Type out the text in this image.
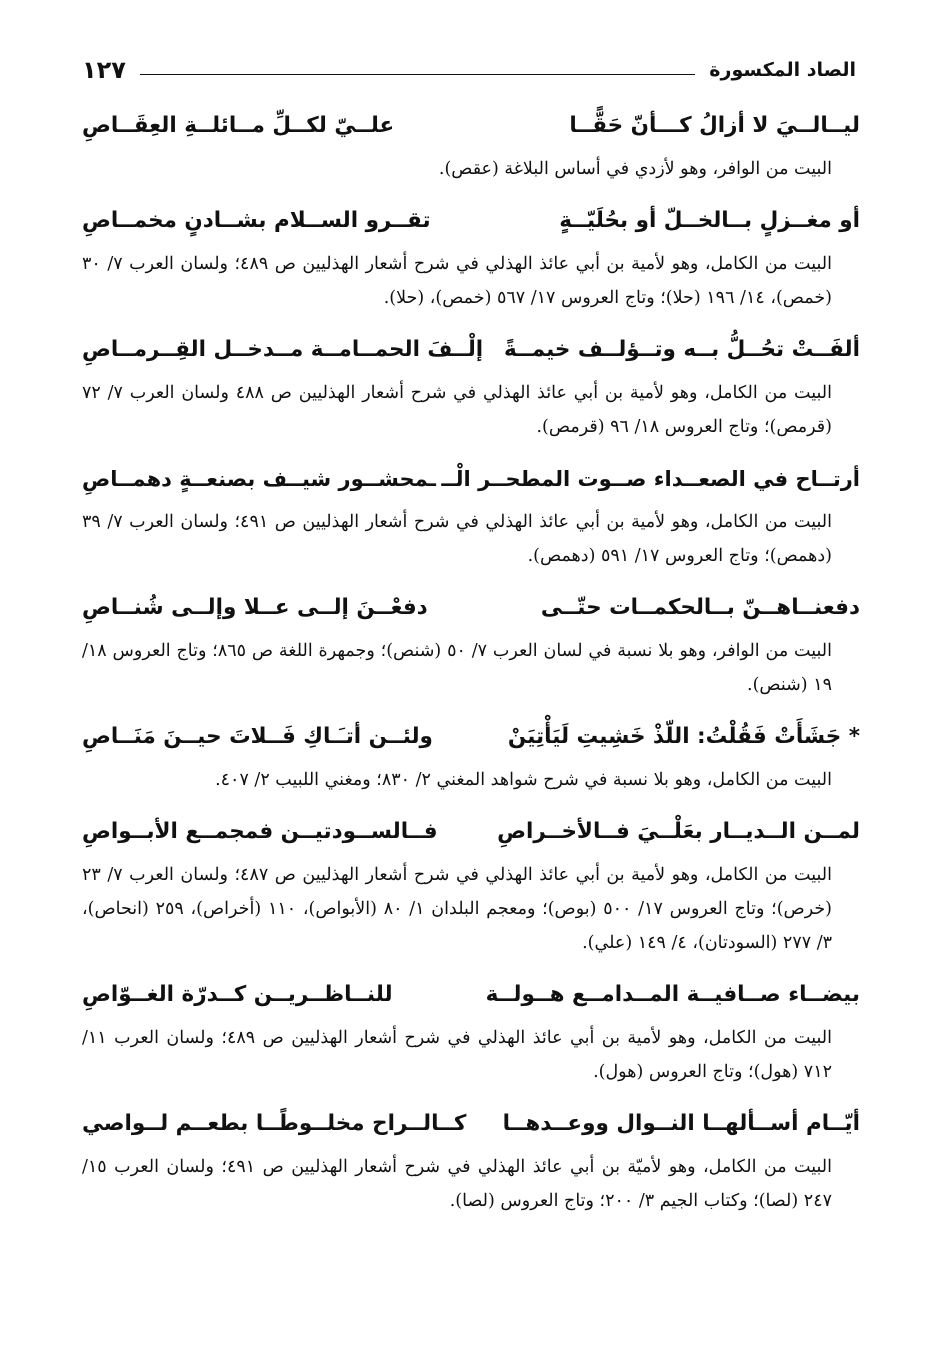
الصاد المكسورة
١٢٧
ليــالــيَ لا أزالُ كـــأنّ حَقًّــا
علــيّ لكــلِّ مــائلــةِ العِقَــاصِ
البيت من الوافر، وهو لأزدي في أساس البلاغة (عقص).
أو مغــزلٍ بــالخــلّ أو بحُلَيّــةٍ
تقــرو الســلام بشــادنٍ مخمــاصِ
البيت من الكامل، وهو لأمية بن أبي عائذ الهذلي في شرح أشعار الهذليين ص ٤٨٩؛ ولسان العرب ٧/ ٣٠ (خمص)، ١٤/ ١٩٦ (حلا)؛ وتاج العروس ١٧/ ٥٦٧ (خمص)، (حلا).
ألفَــتْ تحُــلُّ بــه وتــؤلــف خيمــةً
إلْــفَ الحمــامــة مــدخــل القِــرمــاصِ
البيت من الكامل، وهو لأمية بن أبي عائذ الهذلي في شرح أشعار الهذليين ص ٤٨٨ ولسان العرب ٧/ ٧٢ (قرمص)؛ وتاج العروس ١٨/ ٩٦ (قرمص).
أرتــاح في الصعــداء صــوت المطحــر الْــ
ـمحشــور شيــف بصنعــةٍ دهمــاصِ
البيت من الكامل، وهو لأمية بن أبي عائذ الهذلي في شرح أشعار الهذليين ص ٤٩١؛ ولسان العرب ٧/ ٣٩ (دهمص)؛ وتاج العروس ١٧/ ٥٩١ (دهمص).
دفعنــاهــنّ بــالحكمــات حتّــى
دفعْــنَ إلــى عــلا وإلــى شُنــاصِ
البيت من الوافر، وهو بلا نسبة في لسان العرب ٧/ ٥٠ (شنص)؛ وجمهرة اللغة ص ٨٦٥؛ وتاج العروس ١٨/ ١٩ (شنص).
* جَشَأَتْ فَقُلْتُ: اللّذْ خَشِيتِ لَيَأْتِيَنْ
ولئــن أتـَـاكِ فَــلاتَ حيــنَ مَنَــاصِ
البيت من الكامل، وهو بلا نسبة في شرح شواهد المغني ٢/ ٨٣٠؛ ومغني اللبيب ٢/ ٤٠٧.
لمــن الــديــار بعَلْــيَ فــالأخــراصِ
فــالســودتيــن فمجمــع الأبــواصِ
البيت من الكامل، وهو لأمية بن أبي عائذ الهذلي في شرح أشعار الهذليين ص ٤٨٧؛ ولسان العرب ٧/ ٢٣ (خرص)؛ وتاج العروس ١٧/ ٥٠٠ (بوص)؛ ومعجم البلدان ١/ ٨٠ (الأبواص)، ١١٠ (أخراص)، ٢٥٩ (انحاص)، ٣/ ٢٧٧ (السودتان)، ٤/ ١٤٩ (علي).
بيضــاء صــافيــة المــدامــع هــولــة
للنــاظــريــن كــدرّة الغــوّاصِ
البيت من الكامل، وهو لأمية بن أبي عائذ الهذلي في شرح أشعار الهذليين ص ٤٨٩؛ ولسان العرب ١١/ ٧١٢ (هول)؛ وتاج العروس (هول).
أيّــام أســألهــا النــوال ووعــدهــا
كــالــراح مخلــوطًــا بطعــم لــواصي
البيت من الكامل، وهو لأميّة بن أبي عائذ الهذلي في شرح أشعار الهذليين ص ٤٩١؛ ولسان العرب ١٥/ ٢٤٧ (لصا)؛ وكتاب الجيم ٣/ ٢٠٠؛ وتاج العروس (لصا).
